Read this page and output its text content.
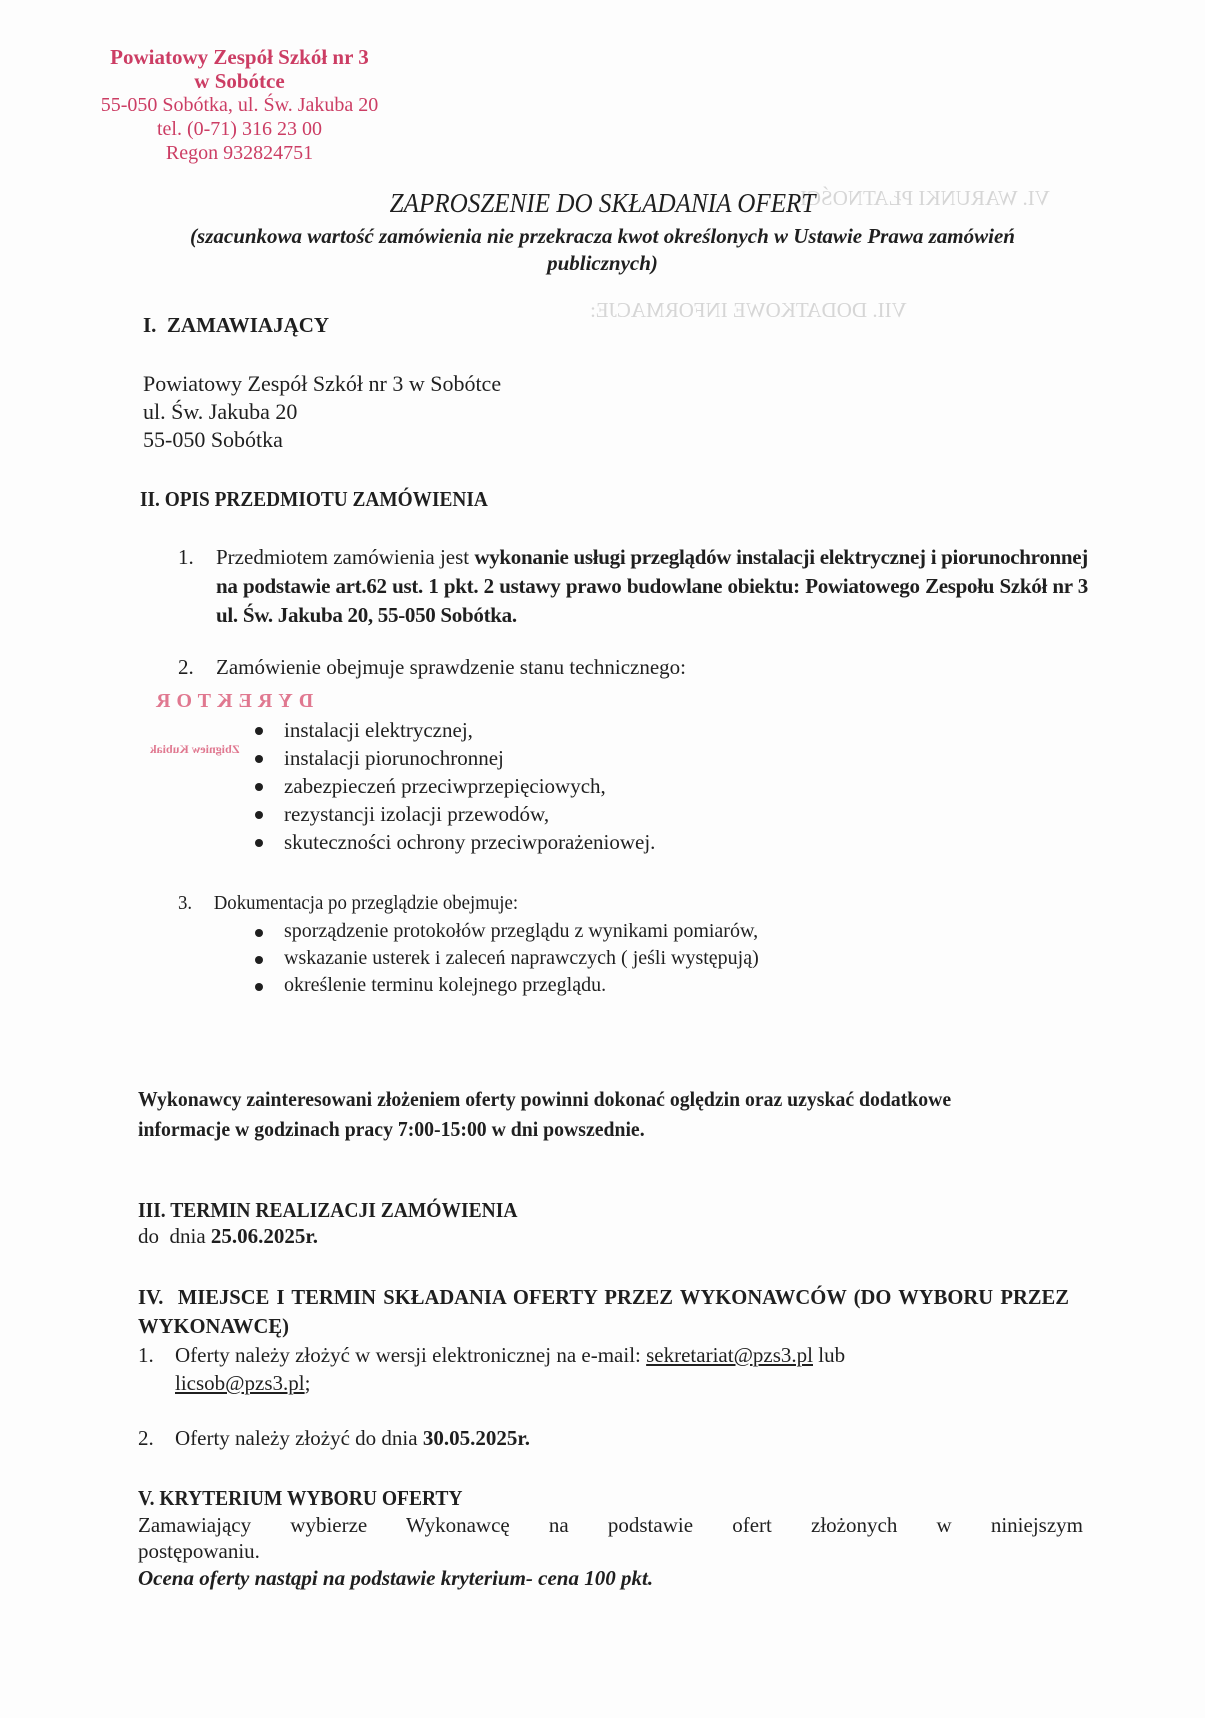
VI. WARUNKI PŁATNOŚCI
VII. DODATKOWE INFORMACJE:
Powiatowy Zespół Szkół nr 3
w Sobótce
55-050 Sobótka, ul. Św. Jakuba 20
tel. (0-71) 316 23 00
Regon 932824751
ZAPROSZENIE DO SKŁADANIA OFERT
(szacunkowa wartość zamówienia nie przekracza kwot określonych w Ustawie Prawa zamówień publicznych)
I.  ZAMAWIAJĄCY
Powiatowy Zespół Szkół nr 3 w Sobótce
ul. Św. Jakuba 20
55-050 Sobótka
II. OPIS PRZEDMIOTU ZAMÓWIENIA
1. Przedmiotem zamówienia jest wykonanie usługi przeglądów instalacji elektrycznej i piorunochronnej na podstawie art.62 ust. 1 pkt. 2 ustawy prawo budowlane obiektu: Powiatowego Zespołu Szkół nr 3 ul. Św. Jakuba 20, 55-050 Sobótka.
2. Zamówienie obejmuje sprawdzenie stanu technicznego:
DYREKTOR
Zbigniew Kubiak
instalacji elektrycznej,
instalacji piorunochronnej
zabezpieczeń przeciwprzepięciowych,
rezystancji izolacji przewodów,
skuteczności ochrony przeciwporażeniowej.
3. Dokumentacja po przeglądzie obejmuje:
sporządzenie protokołów przeglądu z wynikami pomiarów,
wskazanie usterek i zaleceń naprawczych ( jeśli występują)
określenie terminu kolejnego przeglądu.
Wykonawcy zainteresowani złożeniem oferty powinni dokonać oględzin oraz uzyskać dodatkowe informacje w godzinach pracy 7:00-15:00 w dni powszednie.
III. TERMIN REALIZACJI ZAMÓWIENIA
do  dnia 25.06.2025r.
IV.  MIEJSCE I TERMIN SKŁADANIA OFERTY PRZEZ WYKONAWCÓW (DO WYBORU PRZEZ WYKONAWCĘ)
1. Oferty należy złożyć w wersji elektronicznej na e-mail: sekretariat@pzs3.pl lub
licsob@pzs3.pl;
2. Oferty należy złożyć do dnia 30.05.2025r.
V. KRYTERIUM WYBORU OFERTY
Zamawiający wybierze Wykonawcę na podstawie ofert złożonych w niniejszym
postępowaniu.
Ocena oferty nastąpi na podstawie kryterium- cena 100 pkt.
